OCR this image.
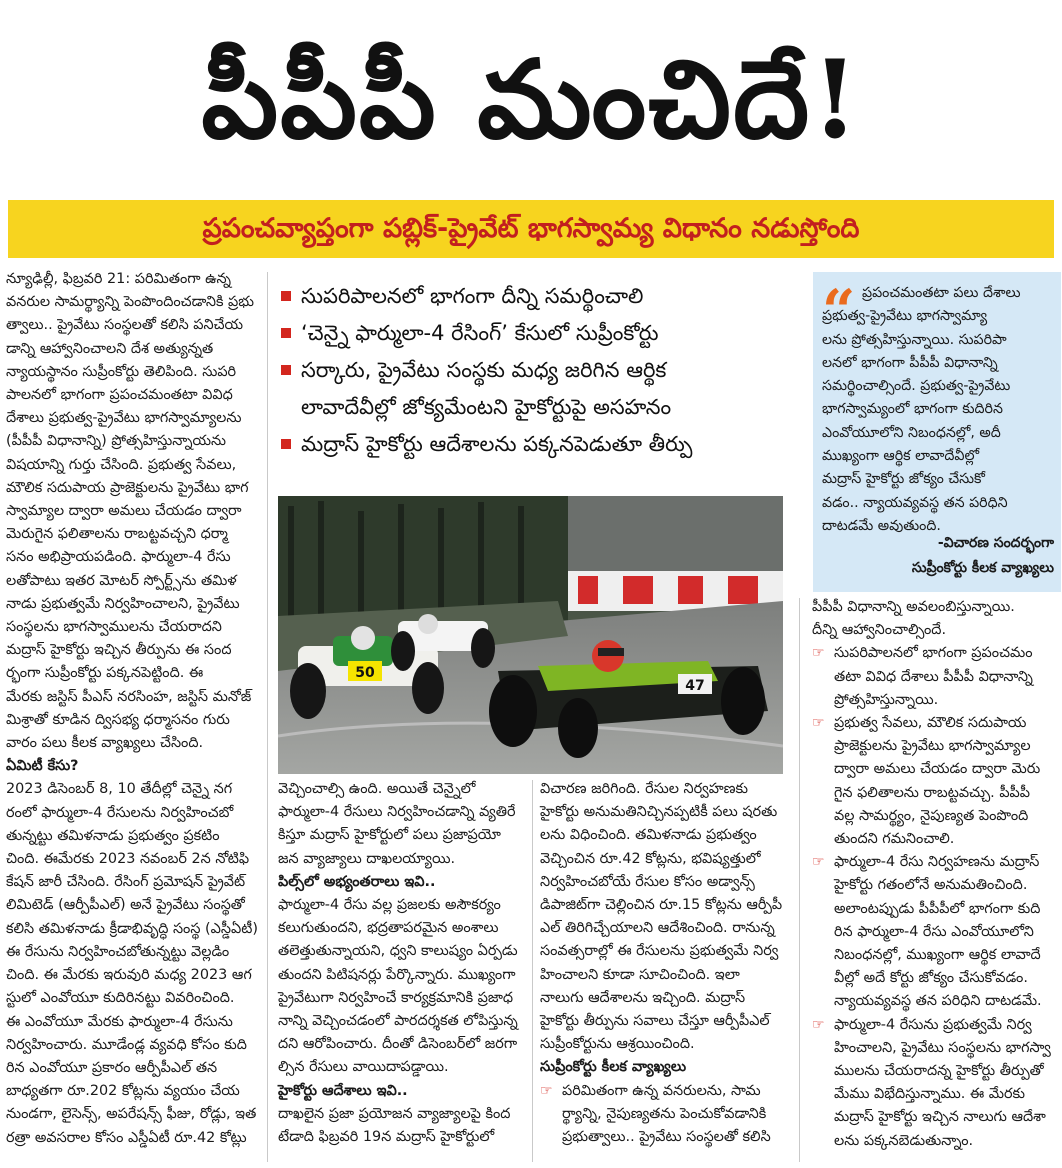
పీపీపీ మంచిదే!
ప్రపంచవ్యాప్తంగా పబ్లిక్‌-ప్రైవేట్‌ భాగస్వామ్య విధానం నడుస్తోంది
న్యూఢిల్లీ, ఫిబ్రవరి 21: పరిమితంగా ఉన్న
వనరుల సామర్థ్యాన్ని పెంపొందించడానికి ప్రభు
త్వాలు.. ప్రైవేటు సంస్థలతో కలిసి పనిచేయ
డాన్ని ఆహ్వానించాలని దేశ అత్యున్నత
న్యాయస్థానం సుప్రీంకోర్టు తెలిపింది. సుపరి
పాలనలో భాగంగా ప్రపంచమంతటా వివిధ
దేశాలు ప్రభుత్వ-ప్రైవేటు భాగస్వామ్యాలను
(పీపీపీ విధానాన్ని) ప్రోత్సహిస్తున్నాయను
విషయాన్ని గుర్తు చేసింది. ప్రభుత్వ సేవలు,
మౌలిక సదుపాయ ప్రాజెక్టులను ప్రైవేటు భాగ
స్వామ్యాల ద్వారా అమలు చేయడం ద్వారా
మెరుగైన ఫలితాలను రాబట్టవచ్చని ధర్మా
సనం అభిప్రాయపడింది. ఫార్ములా-4 రేసు
లతోపాటు ఇతర మోటర్‌ స్పోర్ట్స్‌ను తమిళ
నాడు ప్రభుత్వమే నిర్వహించాలని, ప్రైవేటు
సంస్థలను భాగస్వాములను చేయరాదని
మద్రాస్‌ హైకోర్టు ఇచ్చిన తీర్పును ఈ సంద
ర్భంగా సుప్రీంకోర్టు పక్కనపెట్టింది. ఈ
మేరకు జస్టిస్‌ పీఎస్‌ నరసింహ, జస్టిస్‌ మనోజ్‌
మిశ్రాతో కూడిన ద్విసభ్య ధర్మాసనం గురు
వారం పలు కీలక వ్యాఖ్యలు చేసింది.

ఏమిటీ కేసు?

2023 డిసెంబర్‌ 8, 10 తేదీల్లో చెన్నై నగ
రంలో ఫార్ములా-4 రేసులను నిర్వహించబో
తున్నట్టు తమిళనాడు ప్రభుత్వం ప్రకటిం
చింది. ఈమేరకు 2023 నవంబర్‌ 2న నోటిఫి
కేషన్‌ జారీ చేసింది. రేసింగ్‌ ప్రమోషన్‌ ప్రైవేట్‌
లిమిటెడ్‌ (ఆర్పీపీఎల్‌) అనే ప్రైవేటు సంస్థతో
కలిసి తమిళనాడు క్రీడాభివృద్ధి సంస్థ (ఎస్డీఏటీ)
ఈ రేసును నిర్వహించబోతున్నట్టు వెల్లడిం
చింది. ఈ మేరకు ఇరువురి మధ్య 2023 ఆగ
స్టులో ఎంవోయూ కుదిరినట్టు వివరించింది.
ఈ ఎంవోయూ మేరకు ఫార్ములా-4 రేసును
నిర్వహించారు. మూడేండ్ల వ్యవధి కోసం కుది
రిన ఎంవోయూ ప్రకారం ఆర్పీపీఎల్‌ తన
బాధ్యతగా రూ.202 కోట్లను వ్యయం చేయ
నుండగా, లైసెన్స్‌, అపరేషన్స్‌ ఫీజు, రోడ్లు, ఇత
రత్రా అవసరాల కోసం ఎస్డీఏటీ రూ.42 కోట్లు
సుపరిపాలనలో భాగంగా దీన్ని సమర్థించాలి
‘చెన్నై ఫార్ములా-4 రేసింగ్‌’ కేసులో సుప్రీంకోర్టు
సర్కారు, ప్రైవేటు సంస్థకు మధ్య జరిగిన ఆర్థిక
లావాదేవీల్లో జోక్యమేంటని హైకోర్టుపై అసహనం
మద్రాస్‌ హైకోర్టు ఆదేశాలను పక్కనపెడుతూ తీర్పు
50
47
“ ప్రపంచమంతటా పలు దేశాలు
ప్రభుత్వ-ప్రైవేటు భాగస్వామ్యా
లను ప్రోత్సహిస్తున్నాయి. సుపరిపా
లనలో భాగంగా పీపీపీ విధానాన్ని
సమర్థించాల్సిందే. ప్రభుత్వ-ప్రైవేటు
భాగస్వామ్యంలో భాగంగా కుదిరిన
ఎంవోయూలోని నిబంధనల్లో, అదీ
ముఖ్యంగా ఆర్థిక లావాదేవీల్లో
మద్రాస్‌ హైకోర్టు జోక్యం చేసుకో
వడం.. న్యాయవ్యవస్థ తన పరిధిని
దాటడమే అవుతుంది.
-విచారణ సందర్భంగా
సుప్రీంకోర్టు కీలక వ్యాఖ్యలు
వెచ్చించాల్సి ఉంది. అయితే చెన్నైలో
ఫార్ములా-4 రేసులు నిర్వహించడాన్ని వ్యతిరే
కిస్తూ మద్రాస్‌ హైకోర్టులో పలు ప్రజాప్రయో
జన వ్యాజ్యాలు దాఖలయ్యాయి.

పిల్స్‌లో అభ్యంతరాలు ఇవి..

ఫార్ములా-4 రేసు వల్ల ప్రజలకు అసౌకర్యం
కలుగుతుందని, భద్రతాపరమైన అంశాలు
తలెత్తుతున్నాయని, ధ్వని కాలుష్యం ఏర్పడు
తుందని పిటిషనర్లు పేర్కొన్నారు. ముఖ్యంగా
ప్రైవేటుగా నిర్వహించే కార్యక్రమానికి ప్రజాధ
నాన్ని వెచ్చించడంలో పారదర్శకత లోపిస్తున్న
దని ఆరోపించారు. దీంతో డిసెంబర్‌లో జరగా
ల్సిన రేసులు వాయిదాపడ్డాయి.

హైకోర్టు ఆదేశాలు ఇవి..

దాఖలైన ప్రజా ప్రయోజన వ్యాజ్యాలపై కింద
టేడాది ఫిబ్రవరి 19న మద్రాస్‌ హైకోర్టులో
విచారణ జరిగింది. రేసుల నిర్వహణకు
హైకోర్టు అనుమతినిచ్చినప్పటికీ పలు షరతు
లను విధించింది. తమిళనాడు ప్రభుత్వం
వెచ్చించిన రూ.42 కోట్లను, భవిష్యత్తులో
నిర్వహించబోయే రేసుల కోసం అడ్వాన్స్‌
డిపాజిట్‌గా చెల్లించిన రూ.15 కోట్లను ఆర్పీపీ
ఎల్‌ తిరిగిచ్చేయాలని ఆదేశించింది. రానున్న
సంవత్సరాల్లో ఈ రేసులను ప్రభుత్వమే నిర్వ
హించాలని కూడా సూచించింది. ఇలా
నాలుగు ఆదేశాలను ఇచ్చింది. మద్రాస్‌
హైకోర్టు తీర్పును సవాలు చేస్తూ ఆర్పీపీఎల్‌
సుప్రీంకోర్టును ఆశ్రయించింది.

సుప్రీంకోర్టు కీలక వ్యాఖ్యలు

☞ పరిమితంగా ఉన్న వనరులను, సామ
ర్థ్యాన్ని, నైపుణ్యతను పెంచుకోవడానికి
ప్రభుత్వాలు.. ప్రైవేటు సంస్థలతో కలిసి
పీపీపీ విధానాన్ని అవలంబిస్తున్నాయి.
దీన్ని ఆహ్వానించాల్సిందే.
☞ సుపరిపాలనలో భాగంగా ప్రపంచమం
తటా వివిధ దేశాలు పీపీపీ విధానాన్ని
ప్రోత్సహిస్తున్నాయి.
☞ ప్రభుత్వ సేవలు, మౌలిక సదుపాయ
ప్రాజెక్టులను ప్రైవేటు భాగస్వామ్యాల
ద్వారా అమలు చేయడం ద్వారా మెరు
గైన ఫలితాలను రాబట్టవచ్చు. పీపీపీ
వల్ల సామర్థ్యం, నైపుణ్యత పెంపొంది
తుందని గమనించాలి.
☞ ఫార్ములా-4 రేసు నిర్వహణను మద్రాస్‌
హైకోర్టు గతంలోనే అనుమతించింది.
అలాంటప్పుడు పీపీపీలో భాగంగా కుది
రిన ఫార్ములా-4 రేసు ఎంవోయూలోని
నిబంధనల్లో, ముఖ్యంగా ఆర్థిక లావాదే
వీల్లో అదే కోర్టు జోక్యం చేసుకోవడం.
న్యాయవ్యవస్థ తన పరిధిని దాటడమే.
☞ ఫార్ములా-4 రేసును ప్రభుత్వమే నిర్వ
హించాలని, ప్రైవేటు సంస్థలను భాగస్వా
ములను చేయరాదన్న హైకోర్టు తీర్పుతో
మేము విభేదిస్తున్నాము. ఈ మేరకు
మద్రాస్‌ హైకోర్టు ఇచ్చిన నాలుగు ఆదేశా
లను పక్కనబెడుతున్నాం.
